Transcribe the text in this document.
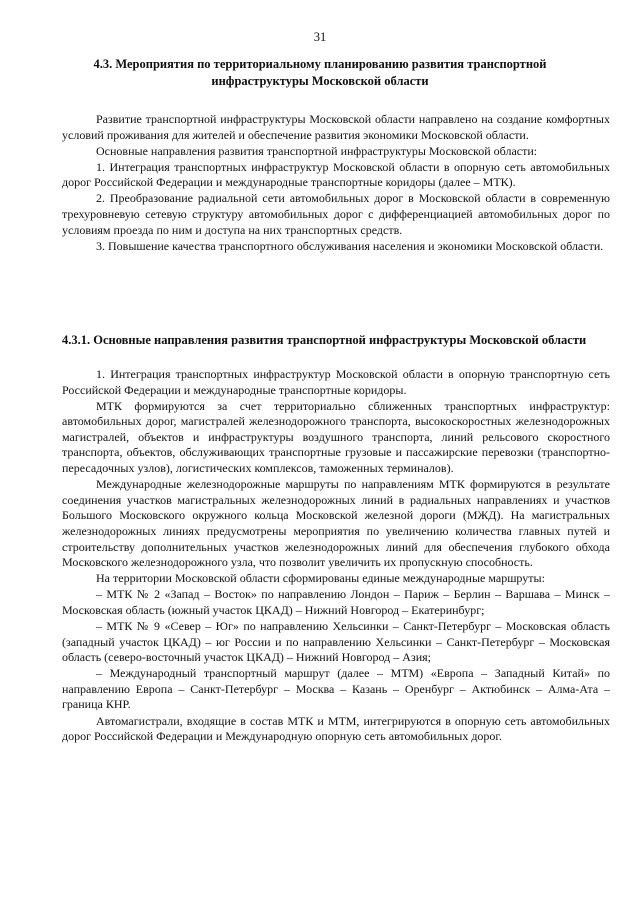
31
4.3. Мероприятия по территориальному планированию развития транспортной инфраструктуры Московской области

Развитие транспортной инфраструктуры Московской области направлено на создание комфортных условий проживания для жителей и обеспечение развития экономики Московской области.

Основные направления развития транспортной инфраструктуры Московской области:

1. Интеграция транспортных инфраструктур Московской области в опорную сеть автомобильных дорог Российской Федерации и международные транспортные коридоры (далее – МТК).

2. Преобразование радиальной сети автомобильных дорог в Московской области в современную трехуровневую сетевую структуру автомобильных дорог с дифференциацией автомобильных дорог по условиям проезда по ним и доступа на них транспортных средств.

3. Повышение качества транспортного обслуживания населения и экономики Московской области.

4.3.1. Основные направления развития транспортной инфраструктуры Московской области

1. Интеграция транспортных инфраструктур Московской области в опорную транспортную сеть Российской Федерации и международные транспортные коридоры.

МТК формируются за счет территориально сближенных транспортных инфраструктур: автомобильных дорог, магистралей железнодорожного транспорта, высокоскоростных железнодорожных магистралей, объектов и инфраструктуры воздушного транспорта, линий рельсового скоростного транспорта, объектов, обслуживающих транспортные грузовые и пассажирские перевозки (транспортно-пересадочных узлов), логистических комплексов, таможенных терминалов).

Международные железнодорожные маршруты по направлениям МТК формируются в результате соединения участков магистральных железнодорожных линий в радиальных направлениях и участков Большого Московского окружного кольца Московской железной дороги (МЖД). На магистральных железнодорожных линиях предусмотрены мероприятия по увеличению количества главных путей и строительству дополнительных участков железнодорожных линий для обеспечения глубокого обхода Московского железнодорожного узла, что позволит увеличить их пропускную способность.

На территории Московской области сформированы единые международные маршруты:

– МТК № 2 «Запад – Восток» по направлению Лондон – Париж – Берлин – Варшава – Минск – Московская область (южный участок ЦКАД) – Нижний Новгород – Екатеринбург;

– МТК № 9 «Север – Юг» по направлению Хельсинки – Санкт-Петербург – Московская область (западный участок ЦКАД) – юг России и по направлению Хельсинки – Санкт-Петербург – Московская область (северо-восточный участок ЦКАД) – Нижний Новгород – Азия;

– Международный транспортный маршрут (далее – МТМ) «Европа – Западный Китай» по направлению Европа – Санкт-Петербург – Москва – Казань – Оренбург – Актюбинск – Алма-Ата – граница КНР.

Автомагистрали, входящие в состав МТК и МТМ, интегрируются в опорную сеть автомобильных дорог Российской Федерации и Международную опорную сеть автомобильных дорог.
